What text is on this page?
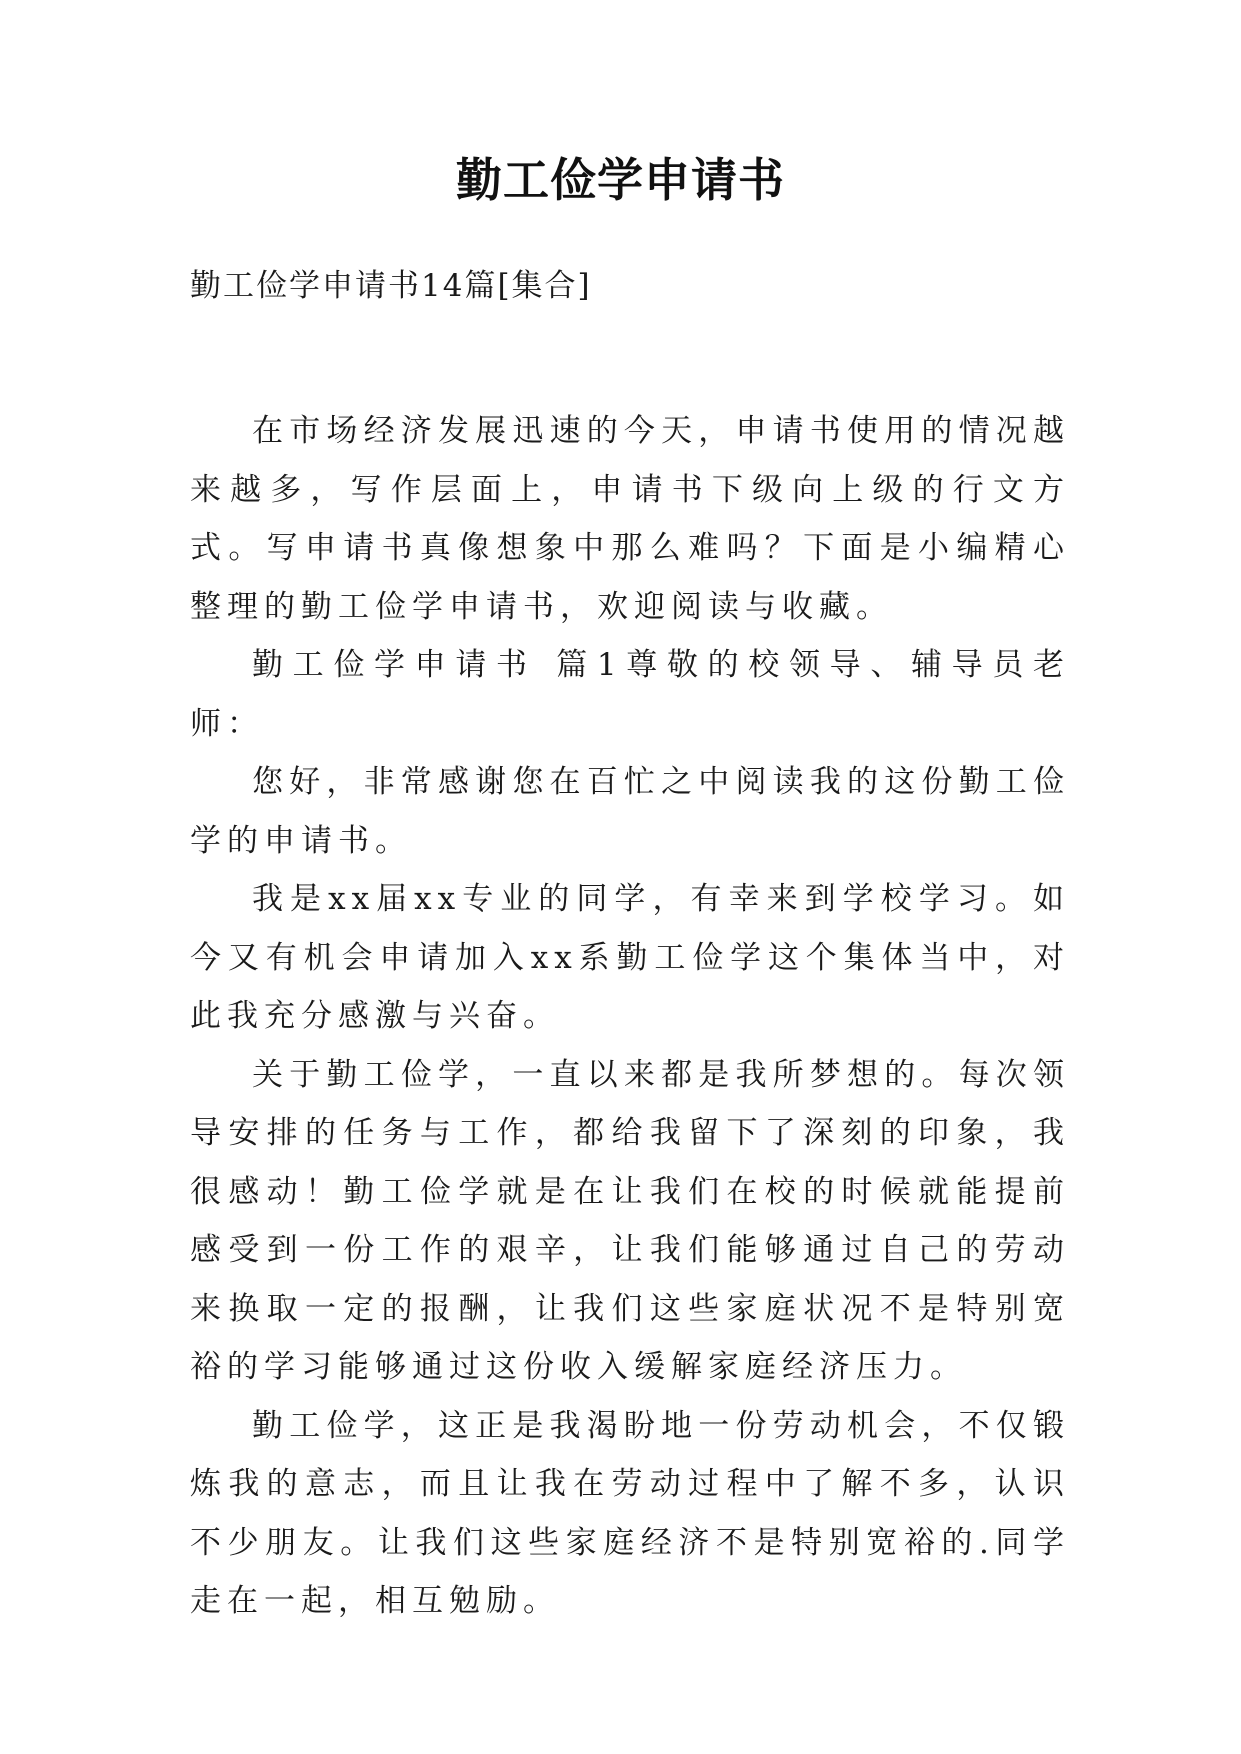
勤工俭学申请书
勤工俭学申请书14篇[集合]

在市场经济发展迅速的今天，申请书使用的情况越来越多，写作层面上，申请书下级向上级的行文方式。写申请书真像想象中那么难吗？下面是小编精心整理的勤工俭学申请书，欢迎阅读与收藏。

勤工俭学申请书 篇1尊敬的校领导、辅导员老师：

您好，非常感谢您在百忙之中阅读我的这份勤工俭学的申请书。

我是xx届xx专业的同学，有幸来到学校学习。如今又有机会申请加入xx系勤工俭学这个集体当中，对此我充分感激与兴奋。

关于勤工俭学，一直以来都是我所梦想的。每次领导安排的任务与工作，都给我留下了深刻的印象，我很感动！勤工俭学就是在让我们在校的时候就能提前感受到一份工作的艰辛，让我们能够通过自己的劳动来换取一定的报酬，让我们这些家庭状况不是特别宽裕的学习能够通过这份收入缓解家庭经济压力。

勤工俭学，这正是我渴盼地一份劳动机会，不仅锻炼我的意志，而且让我在劳动过程中了解不多，认识不少朋友。让我们这些家庭经济不是特别宽裕的.同学走在一起，相互勉励。
